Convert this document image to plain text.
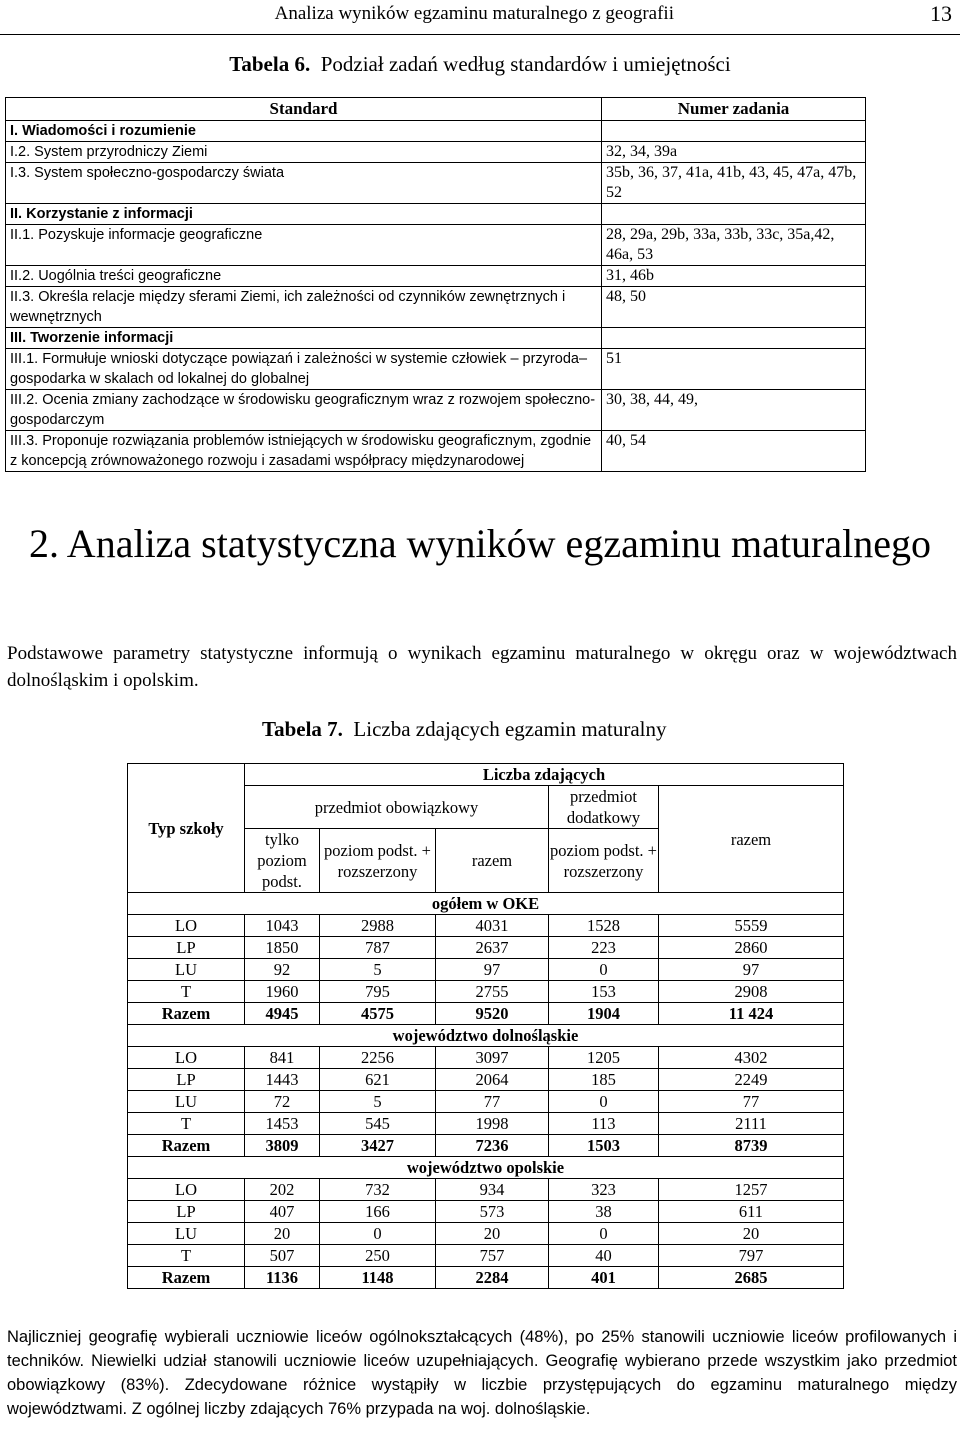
Analiza wyników egzaminu maturalnego z geografii	13
Tabela 6. Podział zadań według standardów i umiejętności
Standard	Numer zadania
I. Wiadomości i rozumienie	
I.2. System przyrodniczy Ziemi	32, 34, 39a
I.3. System społeczno-gospodarczy świata	35b, 36, 37, 41a, 41b, 43, 45, 47a, 47b, 52
II. Korzystanie z informacji	
II.1. Pozyskuje informacje geograficzne	28, 29a, 29b, 33a, 33b, 33c, 35a,42, 46a, 53
II.2. Uogólnia treści geograficzne	31, 46b
II.3. Określa relacje między sferami Ziemi, ich zależności od czynników zewnętrznych i wewnętrznych	48, 50
III. Tworzenie informacji	
III.1. Formułuje wnioski dotyczące powiązań i zależności w systemie człowiek – przyroda–gospodarka w skalach od lokalnej do globalnej	51
III.2. Ocenia zmiany zachodzące w środowisku geograficznym wraz z rozwojem społeczno-gospodarczym	30, 38, 44, 49,
III.3. Proponuje rozwiązania problemów istniejących w środowisku geograficznym, zgodnie z koncepcją zrównoważonego rozwoju i zasadami współpracy międzynarodowej	40, 54
2. Analiza statystyczna wyników egzaminu maturalnego
Podstawowe parametry statystyczne informują o wynikach egzaminu maturalnego w okręgu oraz w województwach dolnośląskim i opolskim.
Tabela 7. Liczba zdających egzamin maturalny
Typ szkoły	Liczba zdających				
	przedmiot obowiązkowy			przedmiot dodatkowy	razem
	tylko poziom podst.	poziom podst. + rozszerzony	razem	poziom podst. + rozszerzony	
ogółem w OKE					
LO	1043	2988	4031	1528	5559
LP	1850	787	2637	223	2860
LU	92	5	97	0	97
T	1960	795	2755	153	2908
Razem	4945	4575	9520	1904	11 424
województwo dolnośląskie					
LO	841	2256	3097	1205	4302
LP	1443	621	2064	185	2249
LU	72	5	77	0	77
T	1453	545	1998	113	2111
Razem	3809	3427	7236	1503	8739
województwo opolskie					
LO	202	732	934	323	1257
LP	407	166	573	38	611
LU	20	0	20	0	20
T	507	250	757	40	797
Razem	1136	1148	2284	401	2685
Najliczniej geografię wybierali uczniowie liceów ogólnokształcących (48%), po 25% stanowili uczniowie liceów profilowanych i techników. Niewielki udział stanowili uczniowie liceów uzupełniających. Geografię wybierano przede wszystkim jako przedmiot obowiązkowy (83%). Zdecydowane różnice wystąpiły w liczbie przystępujących do egzaminu maturalnego między województwami. Z ogólnej liczby zdających 76% przypada na woj. dolnośląskie.
